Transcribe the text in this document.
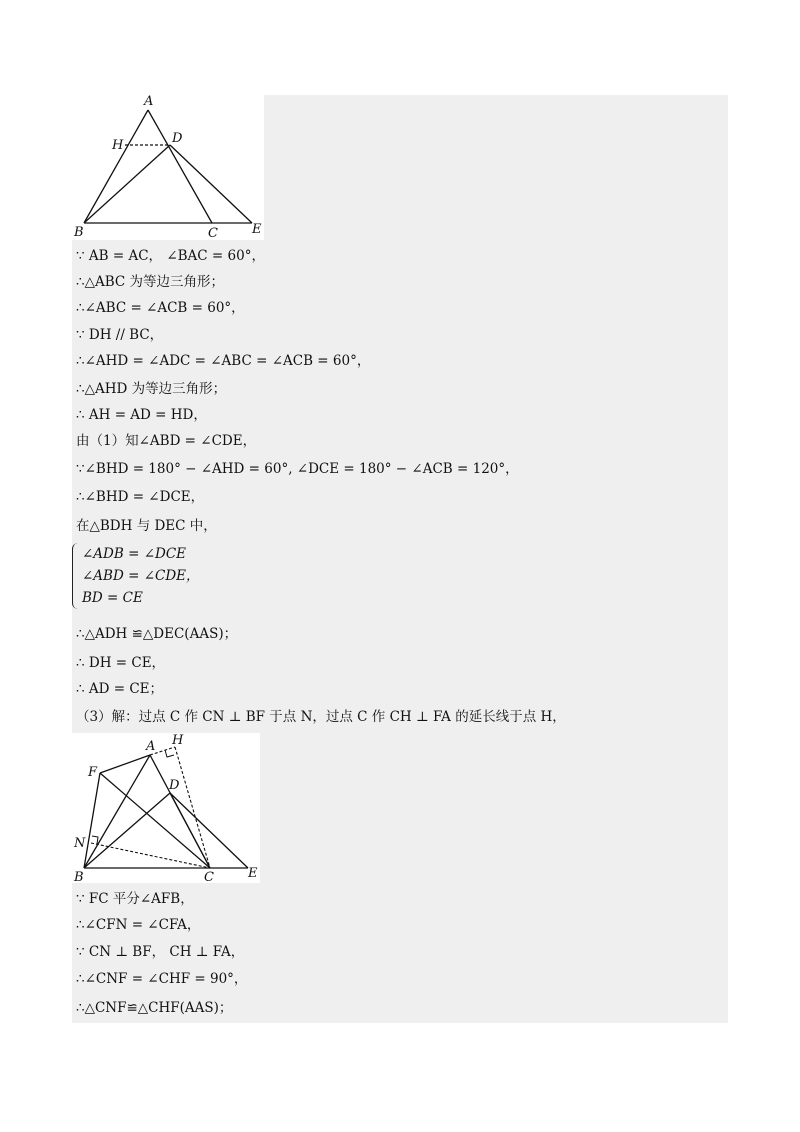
A
H	D
B	C	E
∵ AB = AC， ∠BAC = 60°，
∴△ABC 为等边三角形；
∴∠ABC = ∠ACB = 60°，
∵ DH // BC，
∴∠AHD = ∠ADC = ∠ABC = ∠ACB = 60°，
∴△AHD 为等边三角形；
∴ AH = AD = HD，
由（1）知∠ABD = ∠CDE，
∵∠BHD = 180° − ∠AHD = 60°, ∠DCE = 180° − ∠ACB = 120°，
∴∠BHD = ∠DCE，
在△BDH 与 DEC 中，
∠ADB = ∠DCE
∠ABD = ∠CDE，
BD = CE
∴△ADH ≌△DEC(AAS)；
∴ DH = CE，
∴ AD = CE；
（3）解：过点 C 作 CN ⊥ BF 于点 N，过点 C 作 CH ⊥ FA 的延长线于点 H，
A H
F
D
N
B	C	E
∵ FC 平分∠AFB，
∴∠CFN = ∠CFA，
∵ CN ⊥ BF， CH ⊥ FA，
∴∠CNF = ∠CHF = 90°，
∴△CNF≌△CHF(AAS)；
